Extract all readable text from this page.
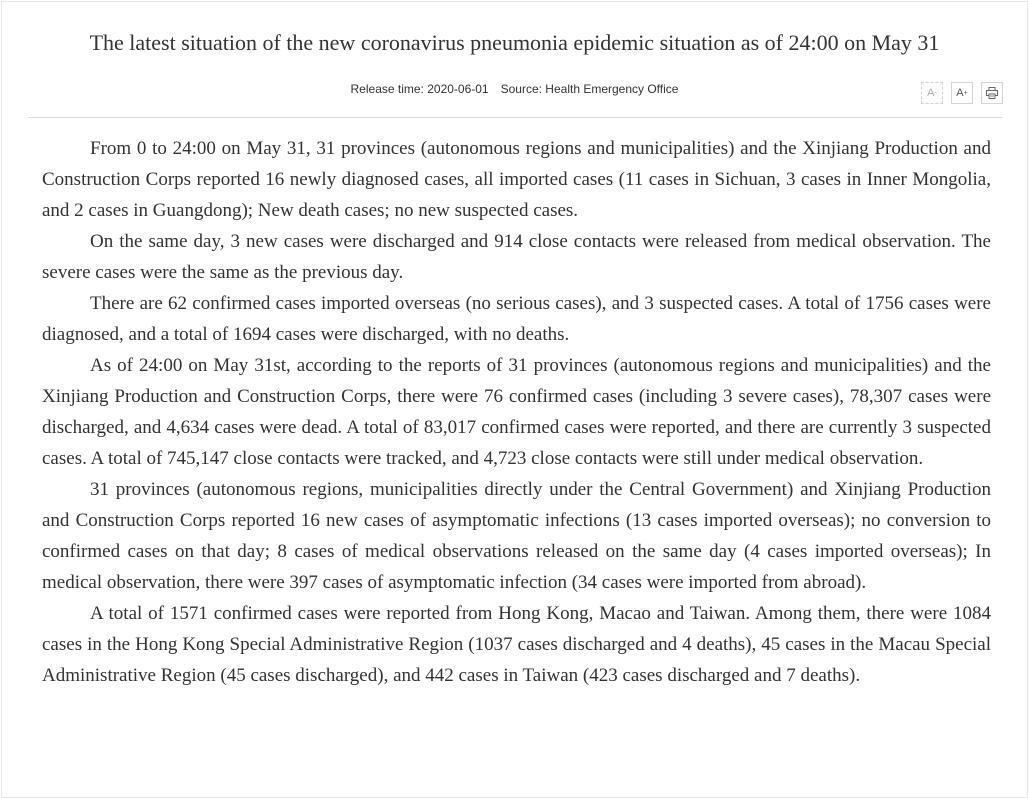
The latest situation of the new coronavirus pneumonia epidemic situation as of 24:00 on May 31
Release time: 2020-06-01 Source: Health Emergency Office	A - A +

From 0 to 24:00 on May 31, 31 provinces (autonomous regions and municipalities) and the Xinjiang Production and Construction Corps reported 16 newly diagnosed cases, all imported cases (11 cases in Sichuan, 3 cases in Inner Mongolia, and 2 cases in Guangdong); New death cases; no new suspected cases.

On the same day, 3 new cases were discharged and 914 close contacts were released from medical observation. The severe cases were the same as the previous day.

There are 62 confirmed cases imported overseas (no serious cases), and 3 suspected cases. A total of 1756 cases were diagnosed, and a total of 1694 cases were discharged, with no deaths.

As of 24:00 on May 31st, according to the reports of 31 provinces (autonomous regions and municipalities) and the Xinjiang Production and Construction Corps, there were 76 confirmed cases (including 3 severe cases), 78,307 cases were discharged, and 4,634 cases were dead. A total of 83,017 confirmed cases were reported, and there are currently 3 suspected cases. A total of 745,147 close contacts were tracked, and 4,723 close contacts were still under medical observation.

31 provinces (autonomous regions, municipalities directly under the Central Government) and Xinjiang Production and Construction Corps reported 16 new cases of asymptomatic infections (13 cases imported overseas); no conversion to confirmed cases on that day; 8 cases of medical observations released on the same day (4 cases imported overseas); In medical observation, there were 397 cases of asymptomatic infection (34 cases were imported from abroad).

A total of 1571 confirmed cases were reported from Hong Kong, Macao and Taiwan. Among them, there were 1084 cases in the Hong Kong Special Administrative Region (1037 cases discharged and 4 deaths), 45 cases in the Macau Special Administrative Region (45 cases discharged), and 442 cases in Taiwan (423 cases discharged and 7 deaths).
